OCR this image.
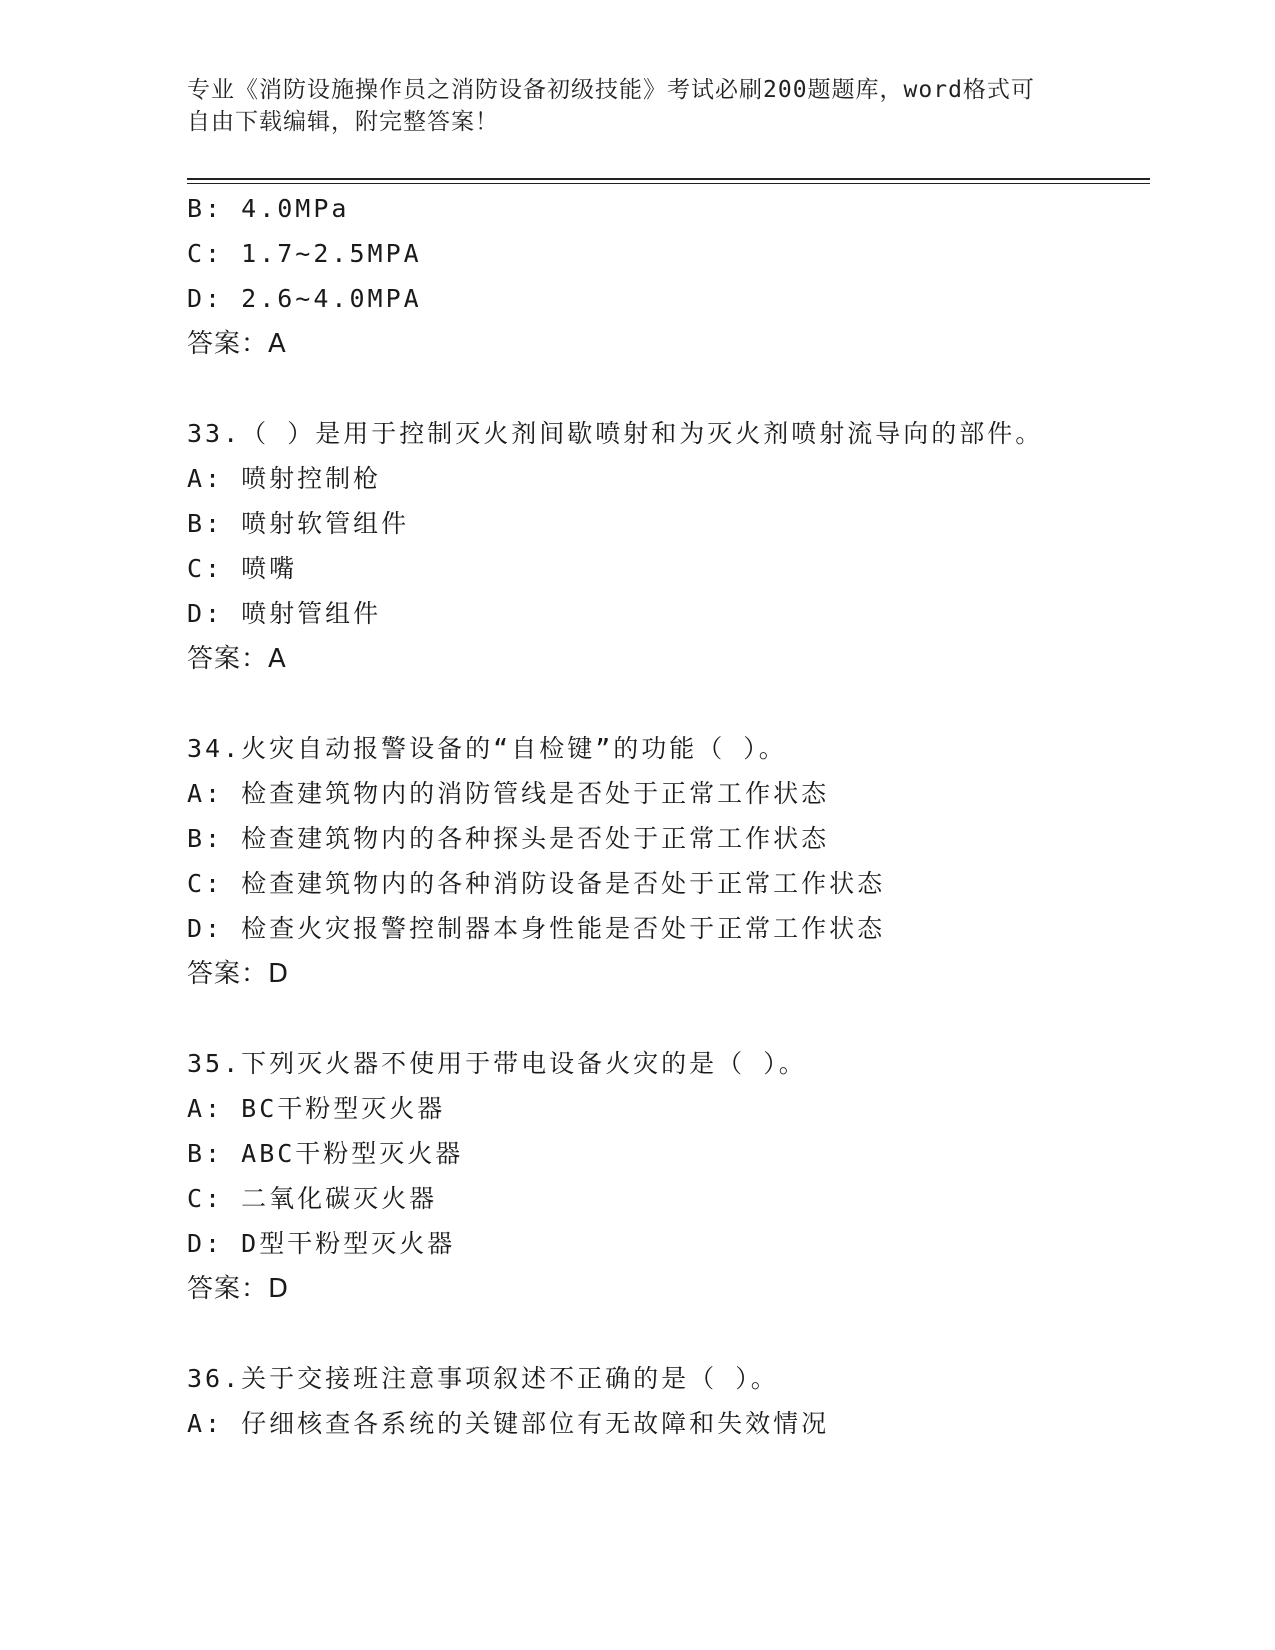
专业《消防设施操作员之消防设备初级技能》考试必刷200题题库，word格式可
自由下载编辑，附完整答案！
B: 4.0MPa
C: 1.7~2.5MPA
D: 2.6~4.0MPA
答案：A
33.（ ）是用于控制灭火剂间歇喷射和为灭火剂喷射流导向的部件。
A: 喷射控制枪
B: 喷射软管组件
C: 喷嘴
D: 喷射管组件
答案：A
34.火灾自动报警设备的“自检键”的功能（ ）。
A: 检查建筑物内的消防管线是否处于正常工作状态
B: 检查建筑物内的各种探头是否处于正常工作状态
C: 检查建筑物内的各种消防设备是否处于正常工作状态
D: 检查火灾报警控制器本身性能是否处于正常工作状态
答案：D
35.下列灭火器不使用于带电设备火灾的是（ ）。
A: BC干粉型灭火器
B: ABC干粉型灭火器
C: 二氧化碳灭火器
D: D型干粉型灭火器
答案：D
36.关于交接班注意事项叙述不正确的是（ ）。
A: 仔细核查各系统的关键部位有无故障和失效情况
